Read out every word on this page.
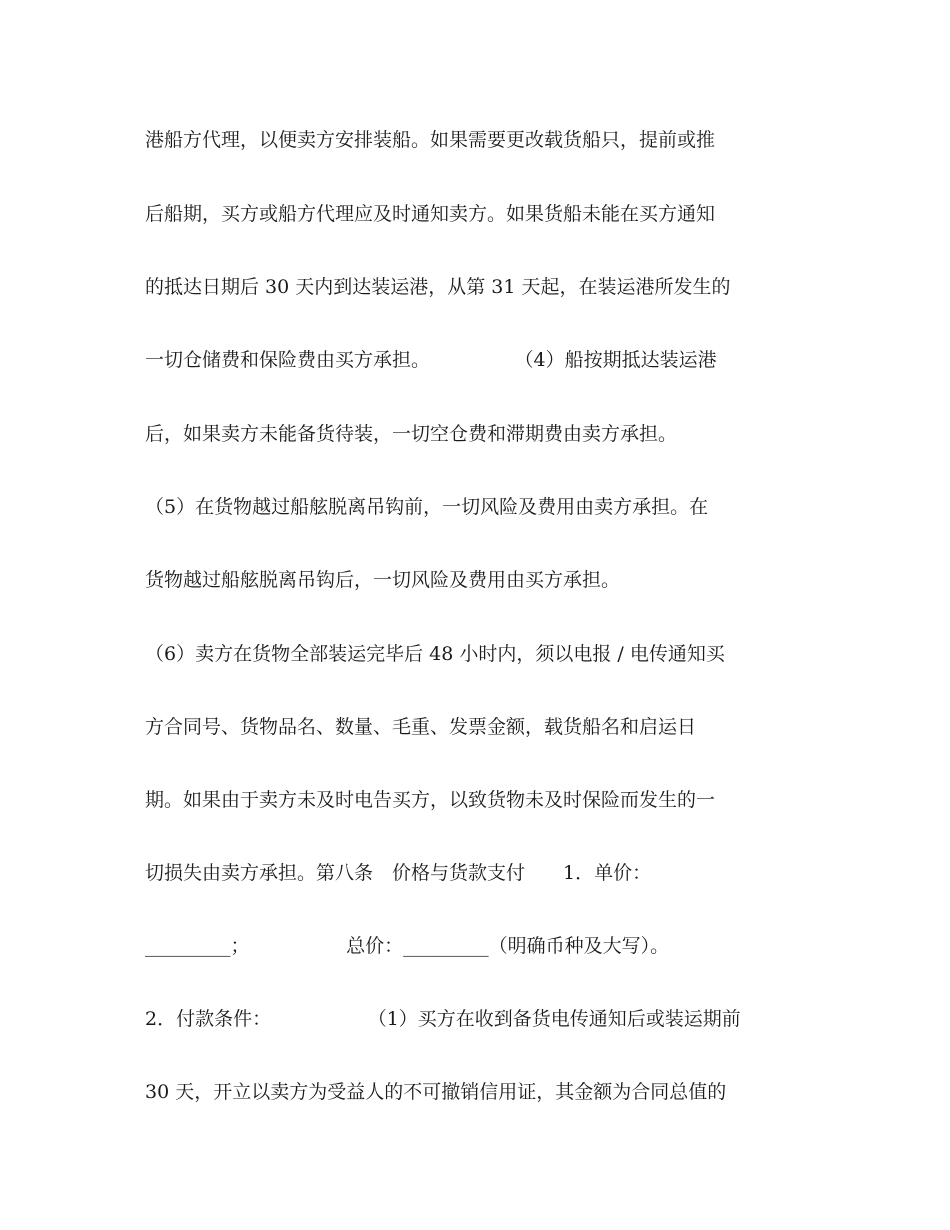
港船方代理，以便卖方安排装船。如果需要更改载货船只，提前或推
后船期，买方或船方代理应及时通知卖方。如果货船未能在买方通知
的抵达日期后 30 天内到达装运港，从第 31 天起，在装运港所发生的
一切仓储费和保险费由买方承担。              （4）船按期抵达装运港
后，如果卖方未能备货待装，一切空仓费和滞期费由卖方承担。
（5）在货物越过船舷脱离吊钩前，一切风险及费用由卖方承担。在
货物越过船舷脱离吊钩后，一切风险及费用由买方承担。
（6）卖方在货物全部装运完毕后 48 小时内，须以电报 / 电传通知买
方合同号、货物品名、数量、毛重、发票金额，载货船名和启运日
期。如果由于卖方未及时电告买方，以致货物未及时保险而发生的一
切损失由卖方承担。第八条　价格与货款支付　　1．单价：
_________；                总价：_________（明确币种及大写）。
2．付款条件：                （1）买方在收到备货电传通知后或装运期前
30 天，开立以卖方为受益人的不可撤销信用证，其金额为合同总值的
